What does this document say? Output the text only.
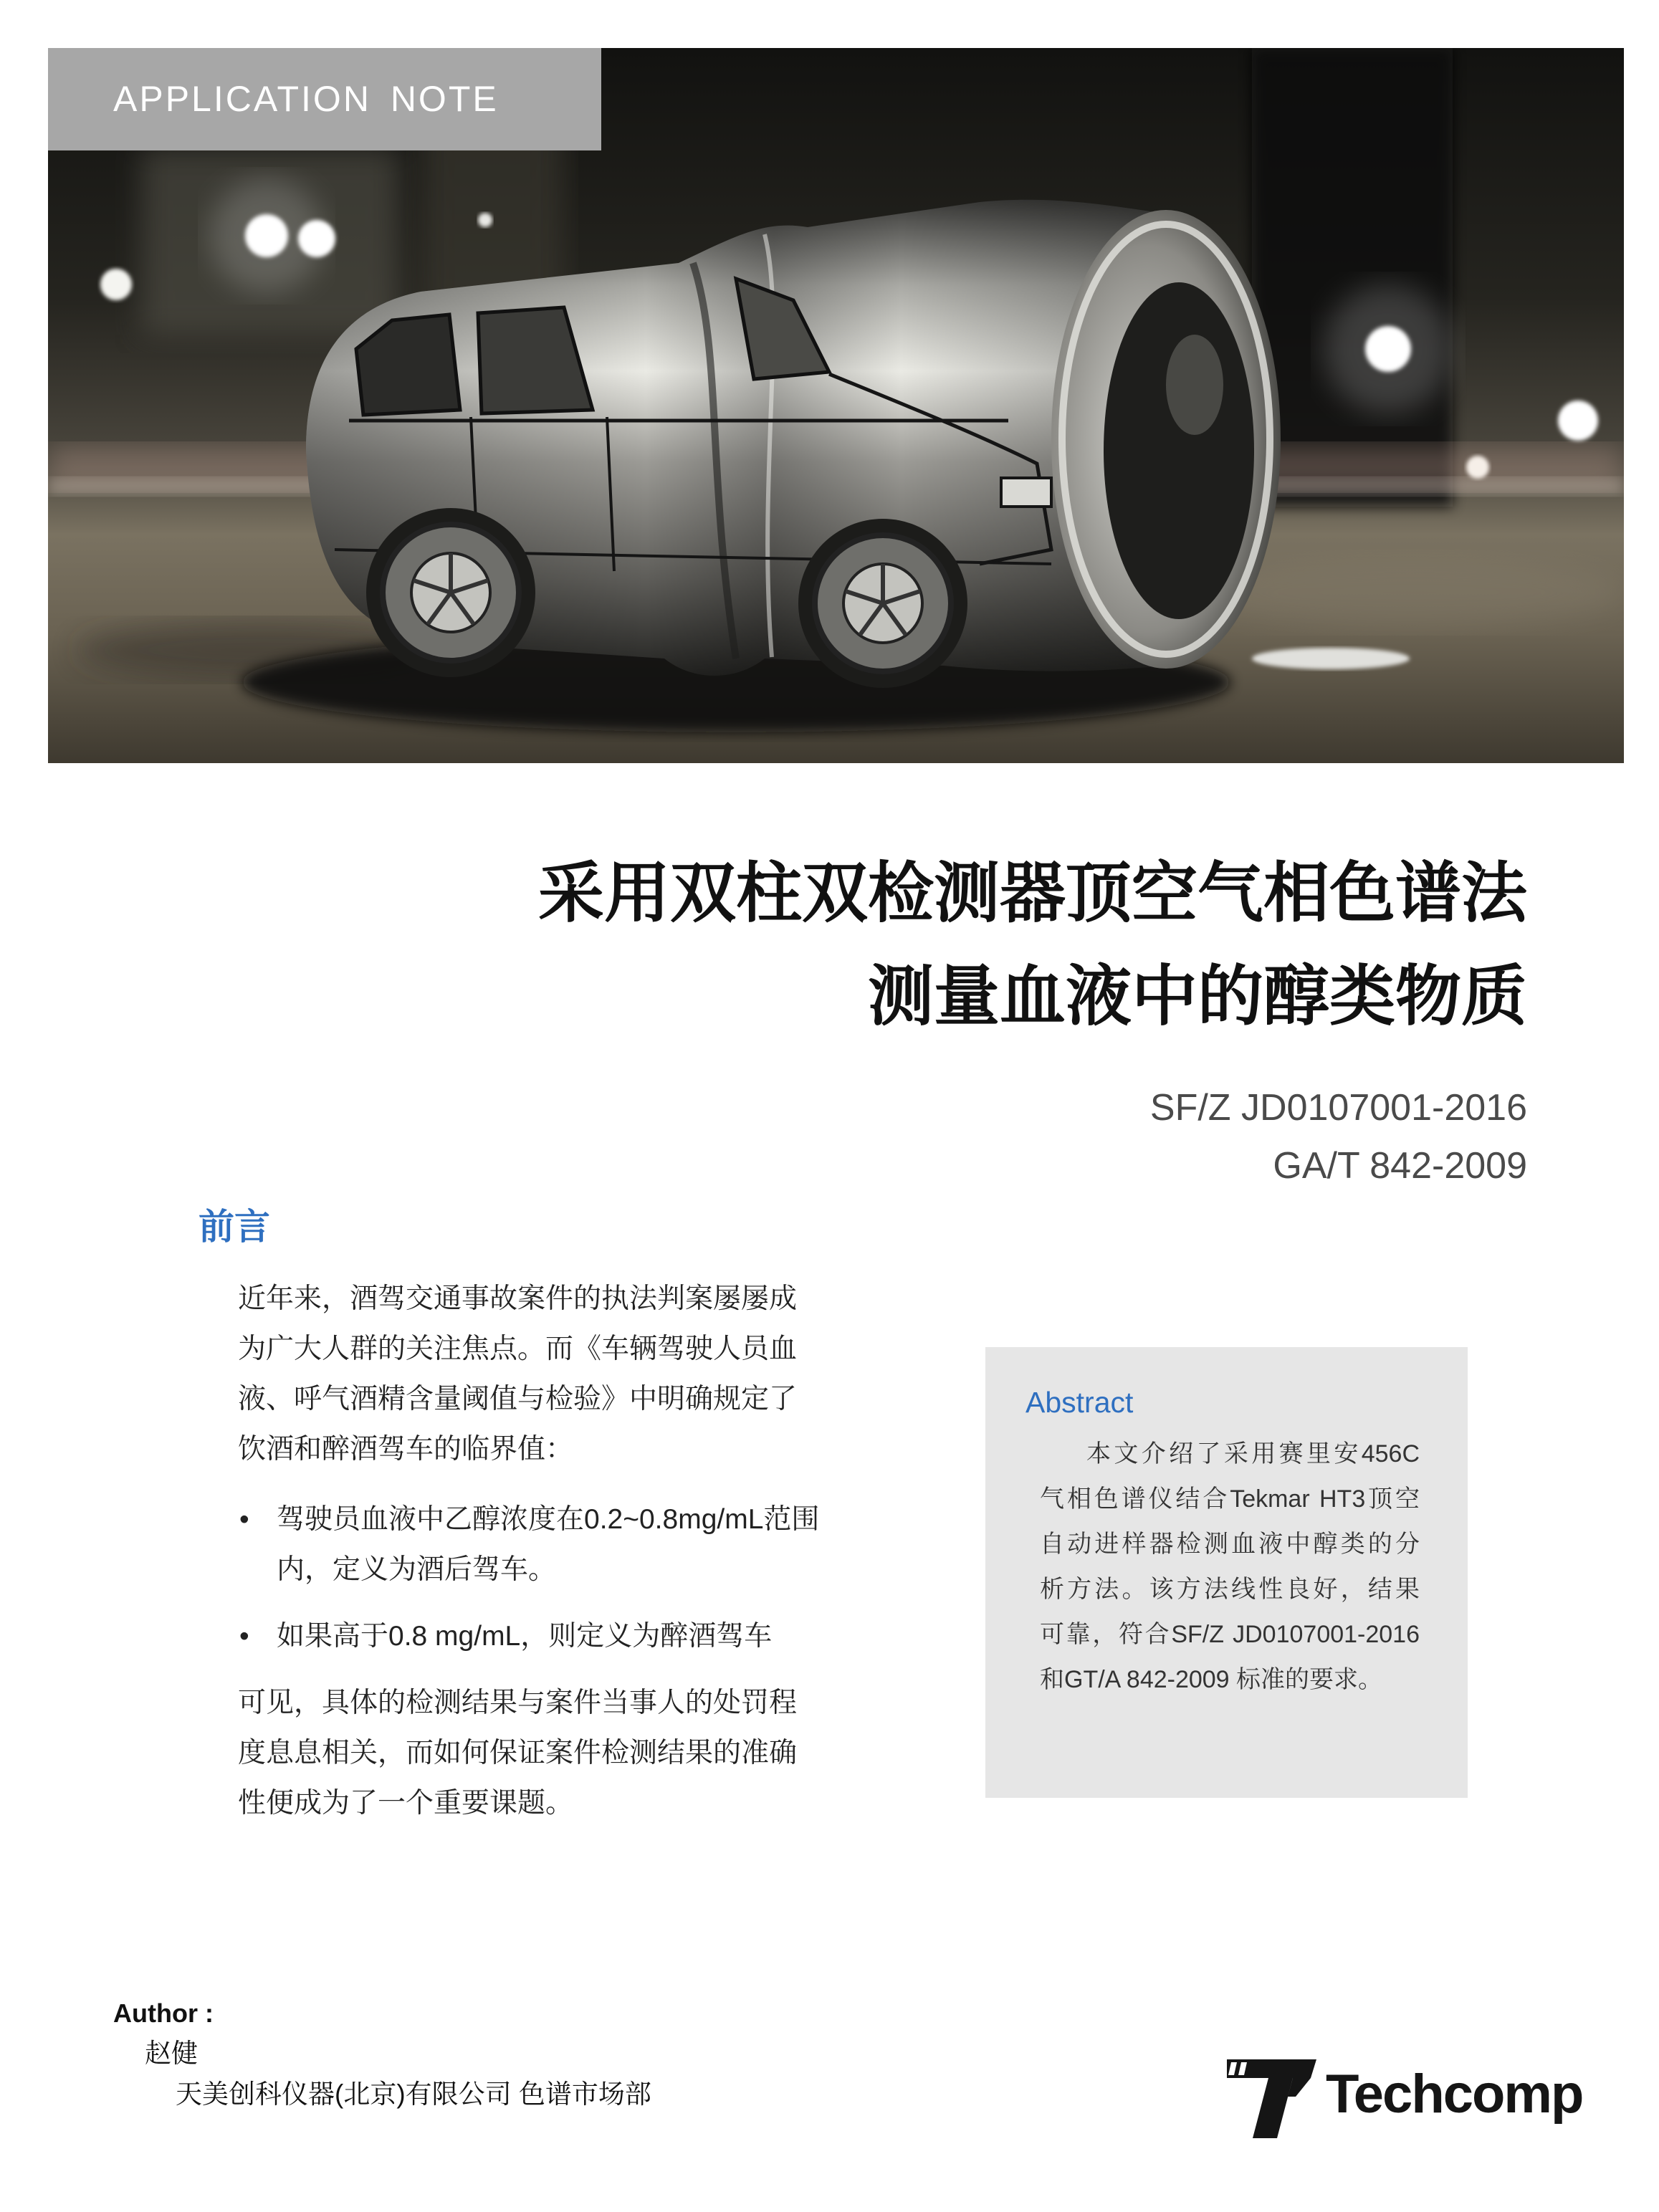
APPLICATION NOTE
采用双柱双检测器顶空气相色谱法
测量血液中的醇类物质
SF/Z JD0107001-2016
GA/T 842-2009
前言
近年来，酒驾交通事故案件的执法判案屡屡成
为广大人群的关注焦点。而《车辆驾驶人员血
液、呼气酒精含量阈值与检验》中明确规定了
饮酒和醉酒驾车的临界值：
• 驾驶员血液中乙醇浓度在0.2~0.8mg/mL范围
内，定义为酒后驾车。
• 如果高于0.8 mg/mL，则定义为醉酒驾车
可见，具体的检测结果与案件当事人的处罚程
度息息相关，而如何保证案件检测结果的准确
性便成为了一个重要课题。
Abstract
本文介绍了采用赛里安456C
气相色谱仪结合Tekmar HT3顶空
自动进样器检测血液中醇类的分
析方法。该方法线性良好，结果
可靠，符合SF/Z JD0107001-2016
和GT/A 842-2009 标准的要求。
Author :
赵健
天美创科仪器(北京)有限公司 色谱市场部	Techcomp
